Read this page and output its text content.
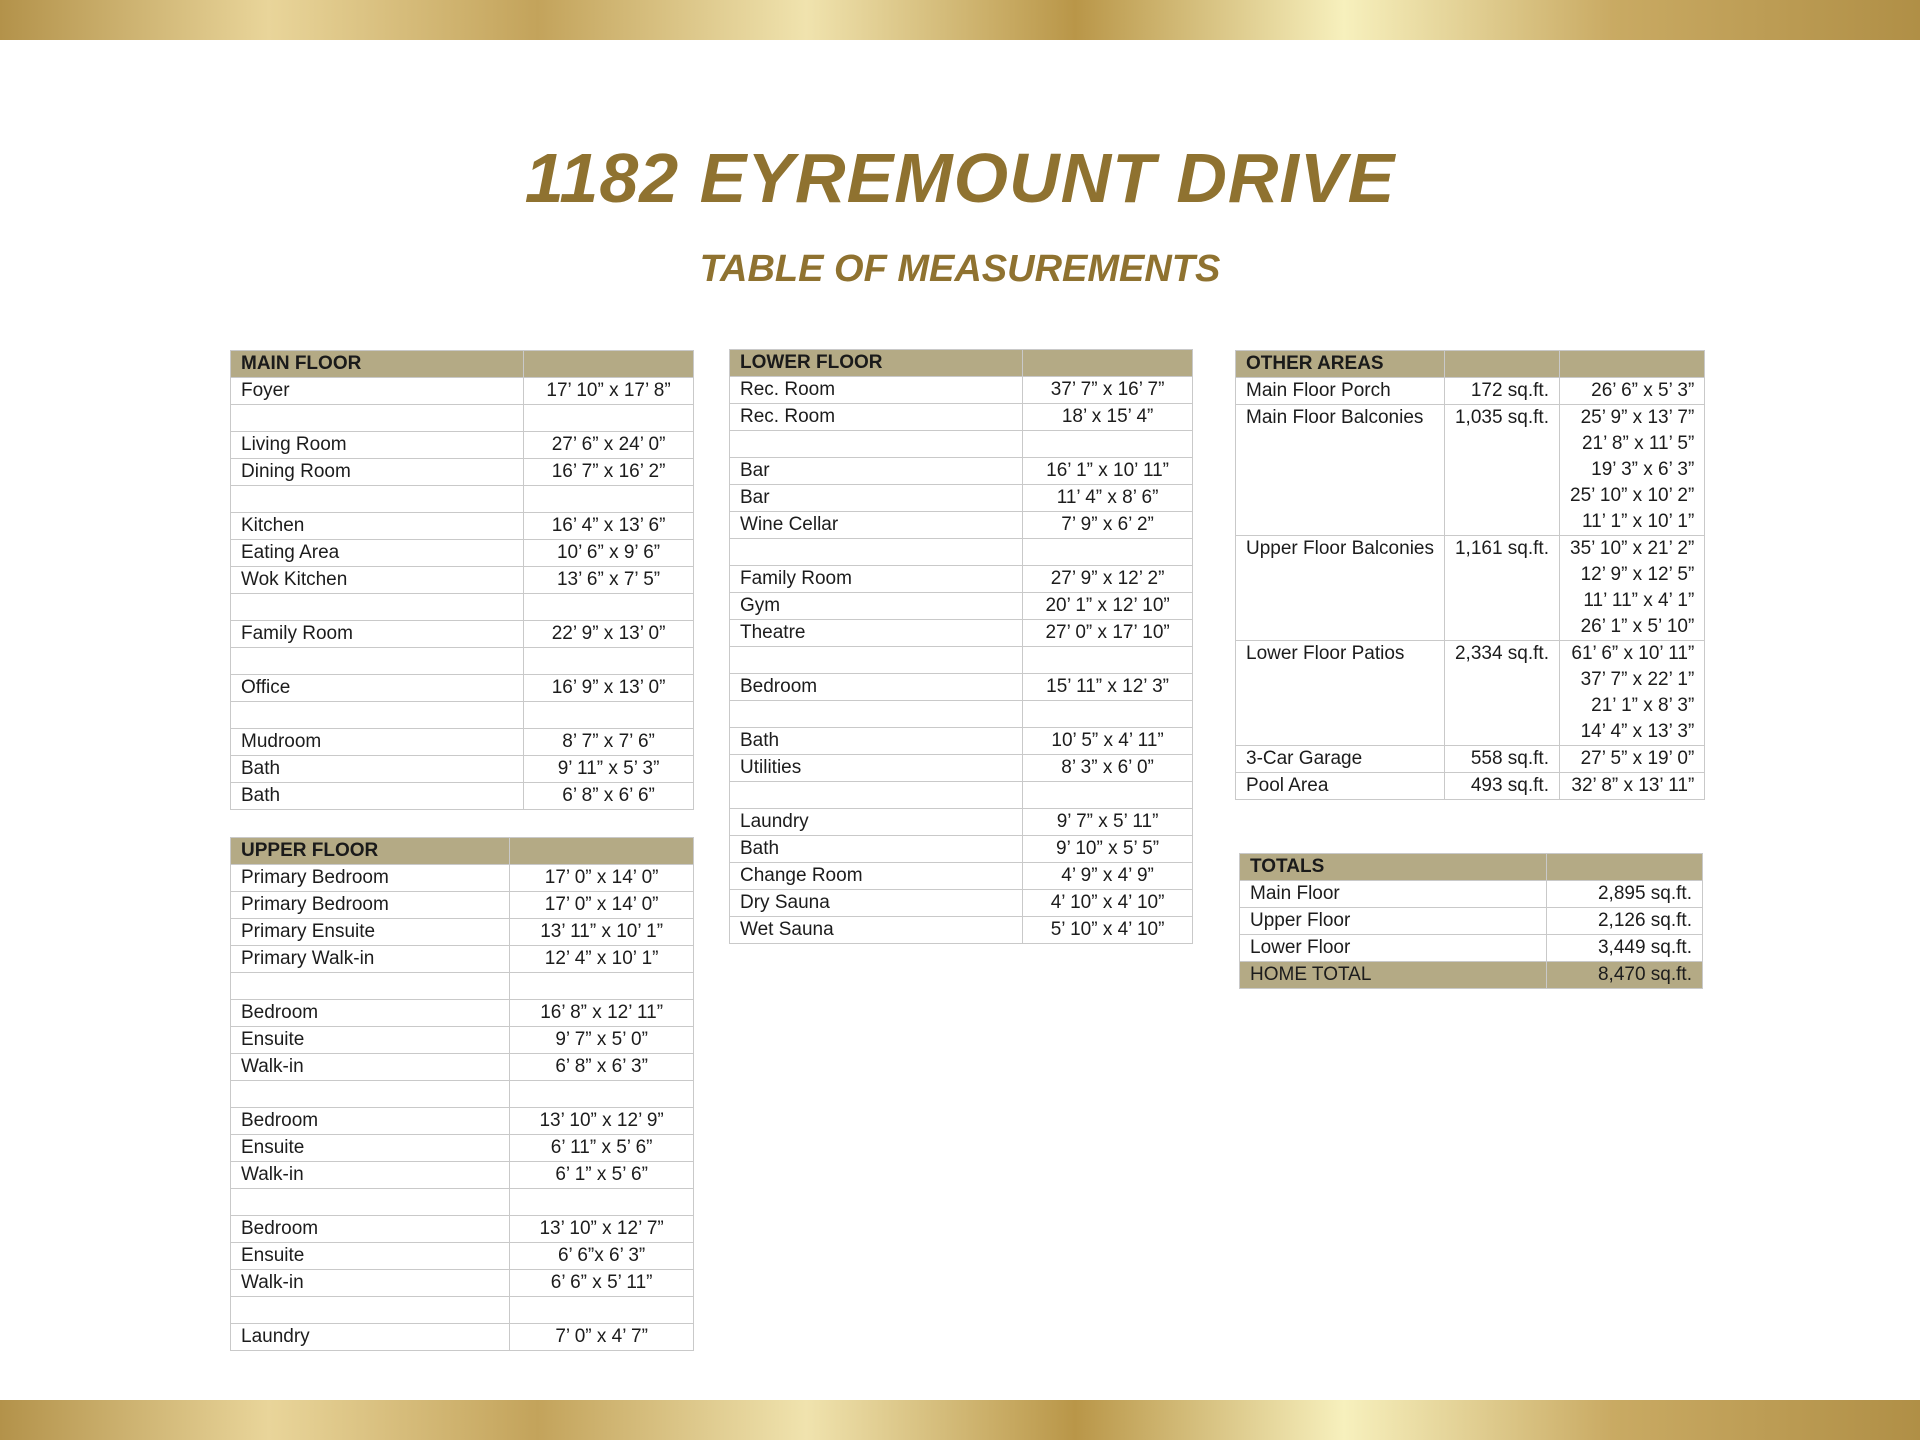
1182 EYREMOUNT DRIVE
TABLE OF MEASUREMENTS
MAIN FLOOR	
Foyer	17’ 10” x 17’ 8”

Living Room	27’ 6” x 24’ 0”
Dining Room	16’ 7” x 16’ 2”

Kitchen	16’ 4” x 13’ 6”
Eating Area	10’ 6” x 9’ 6”
Wok Kitchen	13’ 6” x 7’ 5”

Family Room	22’ 9” x 13’ 0”

Office	16’ 9” x 13’ 0”

Mudroom	8’ 7” x 7’ 6”
Bath	9’ 11” x 5’ 3”
Bath	6’ 8” x 6’ 6”
UPPER FLOOR	
Primary Bedroom	17’ 0” x 14’ 0”
Primary Bedroom	17’ 0” x 14’ 0”
Primary Ensuite	13’ 11” x 10’ 1”
Primary Walk-in	12’ 4” x 10’ 1”

Bedroom	16’ 8” x 12’ 11”
Ensuite	9’ 7” x 5’ 0”
Walk-in	6’ 8” x 6’ 3”

Bedroom	13’ 10” x 12’ 9”
Ensuite	6’ 11” x 5’ 6”
Walk-in	6’ 1” x 5’ 6”

Bedroom	13’ 10” x 12’ 7”
Ensuite	6’ 6”x 6’ 3”
Walk-in	6’ 6” x 5’ 11”

Laundry	7’ 0” x 4’ 7”
LOWER FLOOR	
Rec. Room	37’ 7” x 16’ 7”
Rec. Room	18’ x 15’ 4”

Bar	16’ 1” x 10’ 11”
Bar	11’ 4” x 8’ 6”
Wine Cellar	7’ 9” x 6’ 2”

Family Room	27’ 9” x 12’ 2”
Gym	20’ 1” x 12’ 10”
Theatre	27’ 0” x 17’ 10”

Bedroom	15’ 11” x 12’ 3”

Bath	10’ 5” x 4’ 11”
Utilities	8’ 3” x 6’ 0”

Laundry	9’ 7” x 5’ 11”
Bath	9’ 10” x 5’ 5”
Change Room	4’ 9” x 4’ 9”
Dry Sauna	4’ 10” x 4’ 10”
Wet Sauna	5’ 10” x 4’ 10”
OTHER AREAS		
Main Floor Porch	172 sq.ft.	26’ 6” x 5’ 3”

Main Floor Balconies	1,035 sq.ft.	25’ 9” x 13’ 7”
21’ 8” x 11’ 5”
19’ 3” x 6’ 3”
25’ 10” x 10’ 2”
11’ 1” x 10’ 1”

Upper Floor Balconies	1,161 sq.ft.	35’ 10” x 21’ 2”
12’ 9” x 12’ 5”
11’ 11” x 4’ 1”
26’ 1” x 5’ 10”

Lower Floor Patios	2,334 sq.ft.	61’ 6” x 10’ 11”
37’ 7” x 22’ 1”
21’ 1” x 8’ 3”
14’ 4” x 13’ 3”

3-Car Garage	558 sq.ft.	27’ 5” x 19’ 0”

Pool Area	493 sq.ft.	32’ 8” x 13’ 11”
TOTALS	
Main Floor	2,895 sq.ft.
Upper Floor	2,126 sq.ft.
Lower Floor	3,449 sq.ft.
HOME TOTAL	8,470 sq.ft.
